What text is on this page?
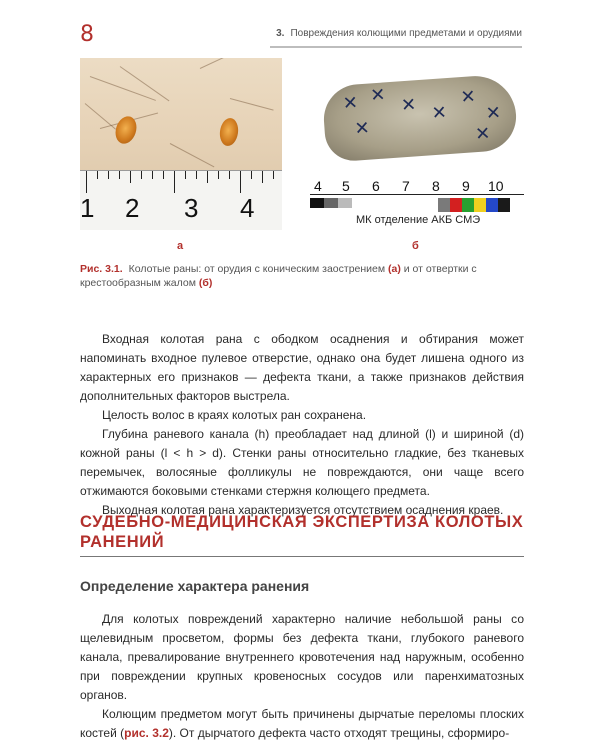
8	3. Повреждения колющими предметами и орудиями
1 2 3 4
✕ ✕ ✕
✕
✕
✕
✕
✕
4 5 6 7 8 9 10
МК отделение АКБ СМЭ
а	б
Рис. 3.1. Колотые раны: от орудия с коническим заострением (а) и от отвертки с крестообразным жалом (б)

Входная колотая рана с ободком осаднения и обтирания может напоминать входное пулевое отверстие, однако она будет лишена одного из характерных его признаков — дефекта ткани, а также признаков действия дополнительных факторов выстрела.

Целость волос в краях колотых ран сохранена.

Глубина раневого канала (h) преобладает над длиной (l) и шириной (d) кожной раны (l < h > d). Стенки раны относительно гладкие, без тканевых перемычек, волосяные фолликулы не повреждаются, они чаще всего отжимаются боковыми стенками стержня колющего предмета.

Выходная колотая рана характеризуется отсутствием осаднения краев.

СУДЕБНО-МЕДИЦИНСКАЯ ЭКСПЕРТИЗА КОЛОТЫХ РАНЕНИЙ
Определение характера ранения

Для колотых повреждений характерно наличие небольшой раны со щелевидным просветом, формы без дефекта ткани, глубокого раневого канала, превалирование внутреннего кровотечения над наружным, особенно при повреждении крупных кровеносных сосудов или паренхиматозных органов.

Колющим предметом могут быть причинены дырчатые переломы плоских костей (рис. 3.2). От дырчатого дефекта часто отходят трещины, сформиро-
